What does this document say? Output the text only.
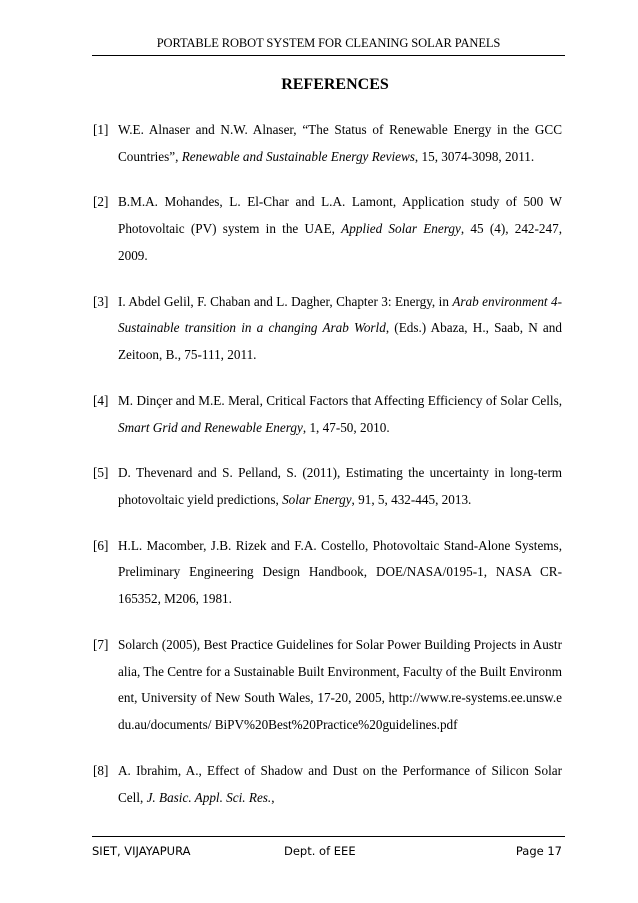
PORTABLE ROBOT SYSTEM FOR CLEANING SOLAR PANELS
REFERENCES
[1] W.E. Alnaser and N.W. Alnaser, “The Status of Renewable Energy in the GCC Countries”, Renewable and Sustainable Energy Reviews, 15, 3074-3098, 2011.
[2] B.M.A. Mohandes, L. El-Char and L.A. Lamont, Application study of 500 W Photovoltaic (PV) system in the UAE, Applied Solar Energy, 45 (4), 242-247, 2009.
[3] I. Abdel Gelil, F. Chaban and L. Dagher, Chapter 3: Energy, in Arab environment 4-Sustainable transition in a changing Arab World, (Eds.) Abaza, H., Saab, N and Zeitoon, B., 75-111, 2011.
[4] M. Dinçer and M.E. Meral, Critical Factors that Affecting Efficiency of Solar Cells, Smart Grid and Renewable Energy, 1, 47-50, 2010.
[5] D. Thevenard and S. Pelland, S. (2011), Estimating the uncertainty in long-term photovoltaic yield predictions, Solar Energy, 91, 5, 432-445, 2013.
[6] H.L. Macomber, J.B. Rizek and F.A. Costello, Photovoltaic Stand-Alone Systems, Preliminary Engineering Design Handbook, DOE/NASA/0195-1, NASA CR-165352, M206, 1981.
[7] Solarch (2005), Best Practice Guidelines for Solar Power Building Projects in Australia, The Centre for a Sustainable Built Environment, Faculty of the Built Environment, University of New South Wales, 17-20, 2005, http://www.re-systems.ee.unsw.edu.au/documents/ BiPV%20Best%20Practice%20guidelines.pdf
[8] A. Ibrahim, A., Effect of Shadow and Dust on the Performance of Silicon Solar Cell, J. Basic. Appl. Sci. Res.,
SIET, VIJAYAPURA	Dept. of EEE	Page 17
